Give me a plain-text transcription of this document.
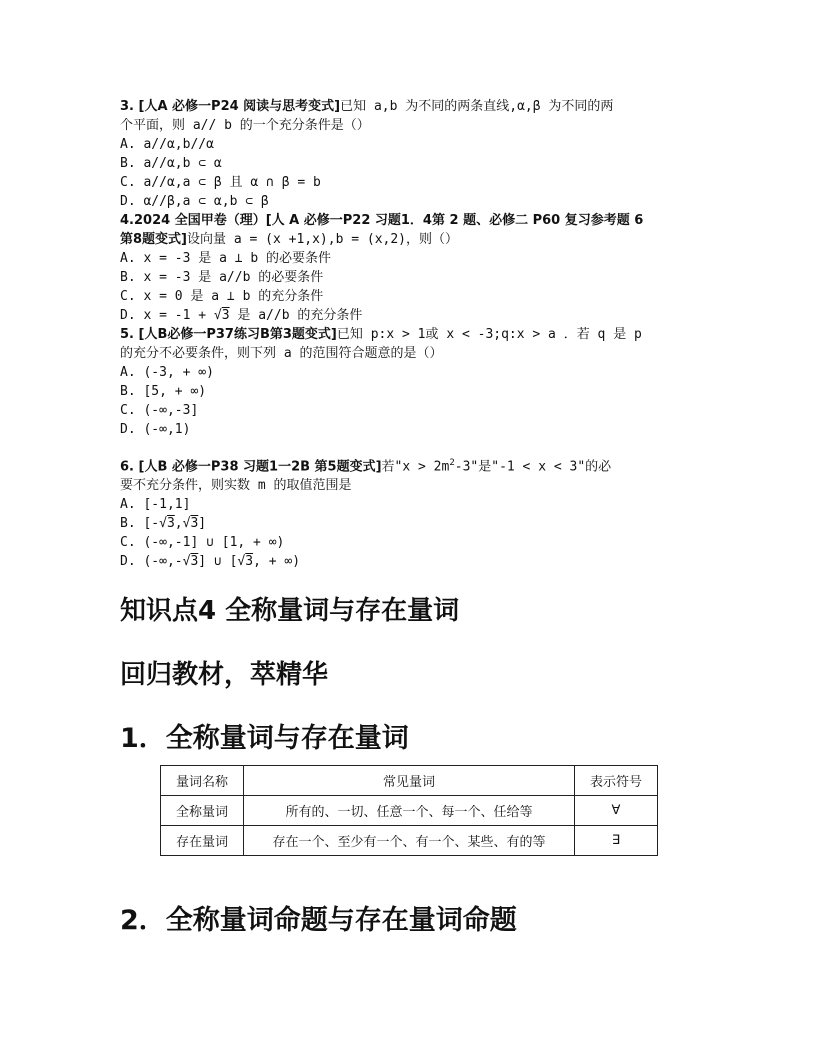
3. [人A 必修一P24 阅读与思考变式]已知 a,b 为不同的两条直线,α,β 为不同的两
个平面，则 a// b 的一个充分条件是（）
A. a//α,b//α
B. a//α,b ⊂ α
C. a//α,a ⊂ β 且 α ∩ β = b
D. α//β,a ⊂ α,b ⊂ β
4.2024 全国甲卷（理）[人 A 必修一P22 习题1．4第 2 题、必修二 P60 复习参考题 6
第8题变式]设向量 a = (x +1,x),b = (x,2)，则（）
A. x = -3 是 a ⊥ b 的必要条件
B. x = -3 是 a//b 的必要条件
C. x = 0 是 a ⊥ b 的充分条件
D. x = -1 + √3 是 a//b 的充分条件
5. [人B必修一P37练习B第3题变式]已知 p:x > 1或 x < -3;q:x > a ．若 q 是 p
的充分不必要条件，则下列 a 的范围符合题意的是（）
A. (-3, + ∞)
B. [5, + ∞)
C. (-∞,-3]
D. (-∞,1)
6. [人B 必修一P38 习题1一2B 第5题变式]若"$x > 2m^2-3$"是"-1 < x < 3"的必
要不充分条件，则实数 m 的取值范围是
A. [-1,1]
B. [-√3,√3]
C. (-∞,-1] ∪ [1, + ∞)
D. (-∞,-√3] ∪ [√3, + ∞)
知识点4 全称量词与存在量词
回归教材，萃精华
1．全称量词与存在量词
量词名称	常见量词	表示符号
全称量词	所有的、一切、任意一个、每一个、任给等	∀
存在量词	存在一个、至少有一个、有一个、某些、有的等	∃
2．全称量词命题与存在量词命题
